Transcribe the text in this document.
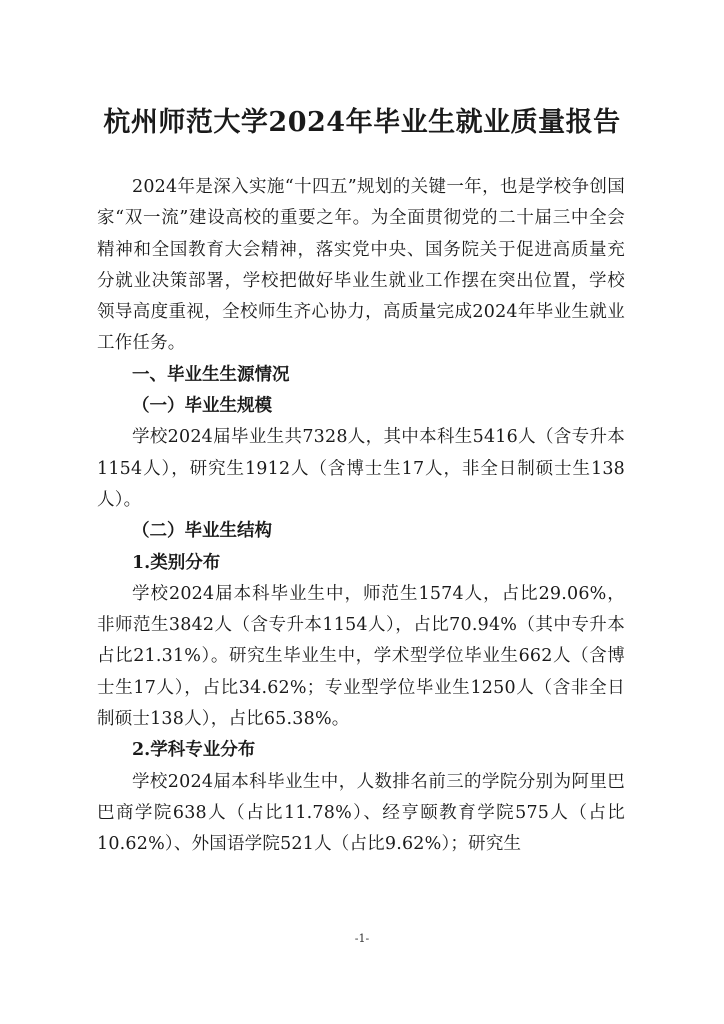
杭州师范大学2024年毕业生就业质量报告

2024年是深入实施“十四五”规划的关键一年，也是学校争创国家“双一流”建设高校的重要之年。为全面贯彻党的二十届三中全会精神和全国教育大会精神，落实党中央、国务院关于促进高质量充分就业决策部署，学校把做好毕业生就业工作摆在突出位置，学校领导高度重视，全校师生齐心协力，高质量完成2024年毕业生就业工作任务。

一、毕业生生源情况

（一）毕业生规模

学校2024届毕业生共7328人，其中本科生5416人（含专升本1154人），研究生1912人（含博士生17人，非全日制硕士生138人）。

（二）毕业生结构

1.类别分布

学校2024届本科毕业生中，师范生1574人，占比29.06%，非师范生3842人（含专升本1154人），占比70.94%（其中专升本占比21.31%）。研究生毕业生中，学术型学位毕业生662人（含博士生17人），占比34.62%；专业型学位毕业生1250人（含非全日制硕士138人），占比65.38%。

2.学科专业分布

学校2024届本科毕业生中，人数排名前三的学院分别为阿里巴巴商学院638人（占比11.78%）、经亨颐教育学院575人（占比10.62%）、外国语学院521人（占比9.62%）；研究生

-1-
